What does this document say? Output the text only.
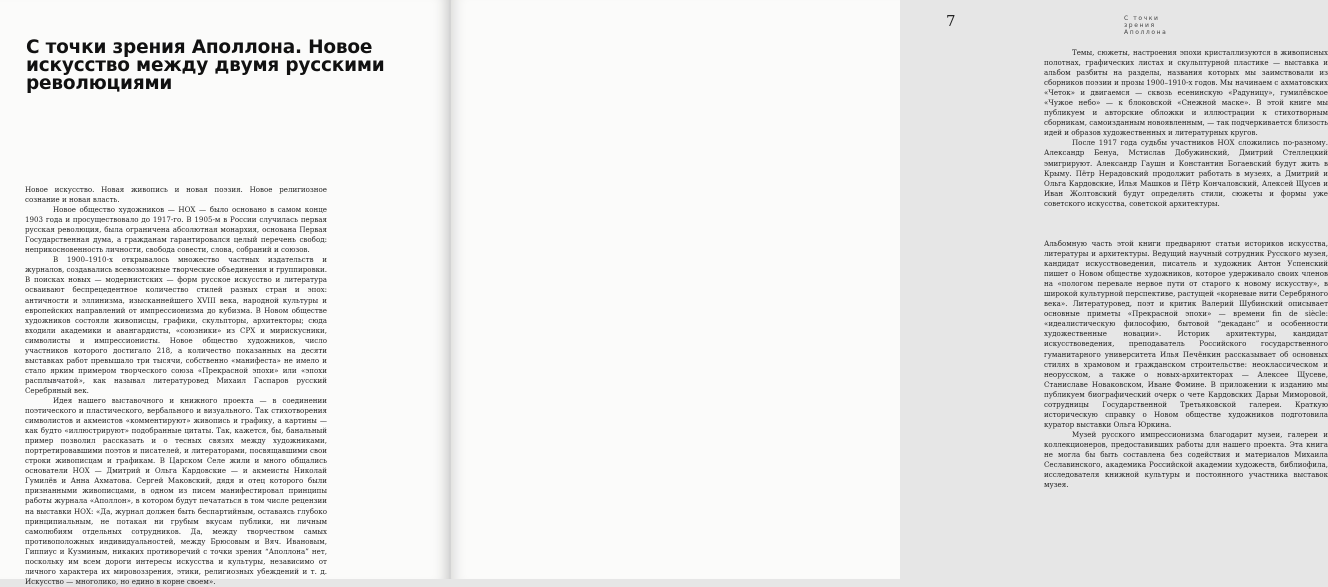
С точки зрения Аполлона. Новое искусство между двумя русскими революциями

Новое искусство. Новая живопись и новая поэзия. Новое религиозное сознание и новая власть.

Новое общество художников — НОХ — было основано в самом конце 1903 года и просуществовало до 1917-го. В 1905-м в России случилась первая русская революция, была ограничена абсолютная монархия, основана Первая Государственная дума, а гражданам гарантировался целый перечень свобод: неприкосновенность личности, свобода совести, слова, собраний и союзов.

В 1900–1910-х открывалось множество частных издательств и журналов, создавались всевозможные творческие объединения и группировки. В поисках новых — модернистских — форм русское искусство и литература осваивают беспрецедентное количество стилей разных стран и эпох: античности и эллинизма, изысканнейшего XVIII века, народной культуры и европейских направлений от импрессионизма до кубизма. В Новом обществе художников состояли живописцы, графики, скульпторы, архитекторы; сюда входили академики и авангардисты, «союзники» из СРХ и мирискусники, символисты и импрессионисты. Новое общество художников, число участников которого достигало 218, а количество показанных на десяти выставках работ превышало три тысячи, собственно «манифеста» не имело и стало ярким примером творческого союза «Прекрасной эпохи» или «эпохи расплывчатой», как называл литературовед Михаил Гаспаров русский Серебряный век.

Идея нашего выставочного и книжного проекта — в соединении поэтического и пластического, вербального и визуального. Так стихотворения символистов и акмеистов «комментируют» живопись и графику, а картины — как будто «иллюстрируют» подобранные цитаты. Так, кажется, бы, банальный пример позволил рассказать и о тесных связях между художниками, портретировавшими поэтов и писателей, и литераторами, посвящавшими свои строки живописцам и графикам. В Царском Селе жили и много общались основатели НОХ — Дмитрий и Ольга Кардовские — и акмеисты Николай Гумилёв и Анна Ахматова. Сергей Маковский, дядя и отец которого были признанными живописцами, в одном из писем манифестировал принципы работы журнала «Аполлон», в котором будут печататься в том числе рецензии на выставки НОХ: «Да, журнал должен быть беспартийным, оставаясь глубоко принципиальным, не потакая ни грубым вкусам публики, ни личным самолюбиям отдельных сотрудников. Да, между творчеством самых противоположных индивидуальностей, между Брюсовым и Вяч. Ивановым, Гиппиус и Кузминым, никаких противоречий с точки зрения “Аполлона” нет, поскольку им всем дороги интересы искусства и культуры, независимо от личного характера их мировоззрения, этики, религиозных убеждений и т. д. Искусство — многолико, но едино в корне своем».

7	С точки зрения Аполлона

Темы, сюжеты, настроения эпохи кристаллизуются в живописных полотнах, графических листах и скульптурной пластике — выставка и альбом разбиты на разделы, названия которых мы заимствовали из сборников поэзии и прозы 1900–1910-х годов. Мы начинаем с ахматовских «Четок» и двигаемся — сквозь есенинскую «Радуницу», гумилёвское «Чужое небо» — к блоковской «Снежной маске». В этой книге мы публикуем и авторские обложки и иллюстрации к стихотворным сборникам, самоизданным новоявленным, — так подчеркивается близость идей и образов художественных и литературных кругов.

После 1917 года судьбы участников НОХ сложились по-разному. Александр Бенуа, Мстислав Добужинский, Дмитрий Стеллецкий эмигрируют. Александр Гаушн и Константин Богаевский будут жить в Крыму. Пётр Нерадовский продолжит работать в музеях, а Дмитрий и Ольга Кардовские, Илья Машков и Пётр Кончаловский, Алексей Щусев и Иван Жолтовский будут определять стили, сюжеты и формы уже советского искусства, советской архитектуры.

Альбомную часть этой книги предваряют статьи историков искусства, литературы и архитектуры. Ведущий научный сотрудник Русского музея, кандидат искусствоведения, писатель и художник Антон Успенский пишет о Новом обществе художников, которое удерживало своих членов на «пологом перевале нервое пути от старого к новому искусству», в широкой культурной перспективе, растущей «корневые нити Серебряного века». Литературовед, поэт и критик Валерий Шубинский описывает основные приметы «Прекрасной эпохи» — времени fin de siècle: «идеалистическую философию, бытовой “декаданс” и особенности художественные новации». Историк архитектуры, кандидат искусствоведения, преподаватель Российского государственного гуманитарного университета Илья Печёнкин рассказывает об основных стилях в храмовом и гражданском строительстве: неоклассическом и неорусском, а также о новых-архитекторах — Алексее Щусеве, Станиславе Новаковском, Иване Фомине. В приложении к изданию мы публикуем биографический очерк о чете Кардовских Дарьи Миморовой, сотрудницы Государственной Третьяковской галереи. Краткую историческую справку о Новом обществе художников подготовила куратор выставки Ольга Юркина.

Музей русского импрессионизма благодарит музеи, галереи и коллекционеров, предоставивших работы для нашего проекта. Эта книга не могла бы быть составлена без содействия и материалов Михаила Сеславинского, академика Российской академии художеств, библиофила, исследователя книжной культуры и постоянного участника выставок музея.
